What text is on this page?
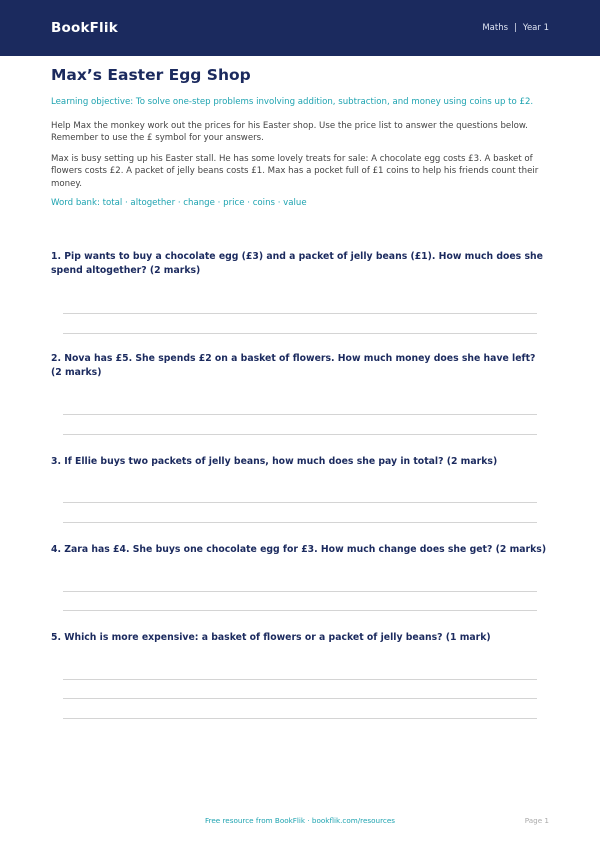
BookFlik	Maths | Year 1
Max’s Easter Egg Shop
Learning objective: To solve one-step problems involving addition, subtraction, and money using coins up to £2.
Help Max the monkey work out the prices for his Easter shop. Use the price list to answer the questions below. Remember to use the £ symbol for your answers.
Max is busy setting up his Easter stall. He has some lovely treats for sale: A chocolate egg costs £3. A basket of flowers costs £2. A packet of jelly beans costs £1. Max has a pocket full of £1 coins to help his friends count their money.
Word bank: total · altogether · change · price · coins · value
1. Pip wants to buy a chocolate egg (£3) and a packet of jelly beans (£1). How much does she spend altogether? (2 marks)
2. Nova has £5. She spends £2 on a basket of flowers. How much money does she have left? (2 marks)
3. If Ellie buys two packets of jelly beans, how much does she pay in total? (2 marks)
4. Zara has £4. She buys one chocolate egg for £3. How much change does she get? (2 marks)
5. Which is more expensive: a basket of flowers or a packet of jelly beans? (1 mark)
Free resource from BookFlik · bookflik.com/resources	Page 1
